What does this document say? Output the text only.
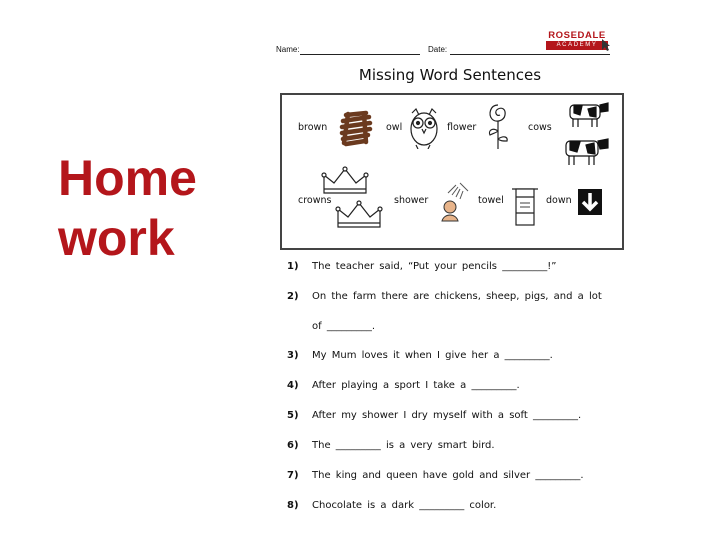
Home work
ROSEDALE
ACADEMY
Name:	Date:
Missing Word Sentences
brown	owl	flower	cows
crowns	shower	towel	down
1) The teacher said, “Put your pencils _________!”
2) On the farm there are chickens, sheep, pigs, and a lot
of _________.
3) My Mum loves it when I give her a _________.
4) After playing a sport I take a _________.
5) After my shower I dry myself with a soft _________.
6) The _________ is a very smart bird.
7) The king and queen have gold and silver _________.
8) Chocolate is a dark _________ color.
